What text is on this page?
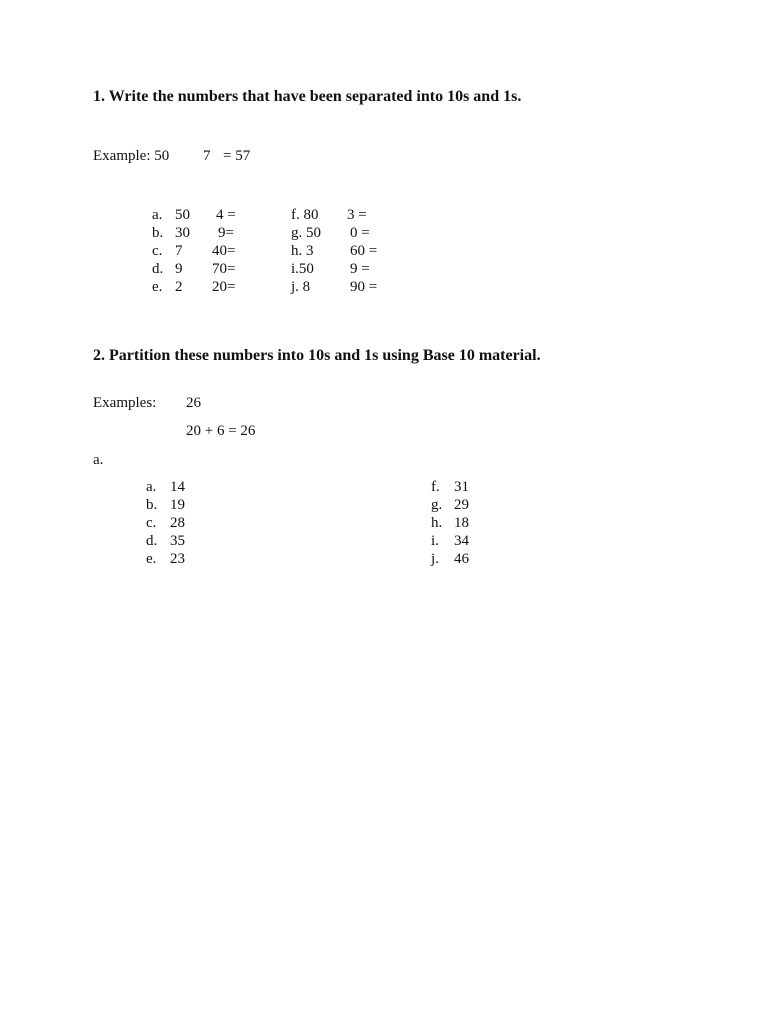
1. Write the numbers that have been separated into 10s and 1s.
Example: 50 7 = 57
a. 50 4 =
b. 30 9=
c. 7 40=
d. 9 70=
e. 2 20=
f. 80 3 =
g. 50 0 =
h. 3 60 =
i.50 9 =
j. 8	90 =
2. Partition these numbers into 10s and 1s using Base 10 material.
Examples: 26
20 + 6 = 26
a.
a. 14
b. 19
c. 28
d. 35
e. 23
f. 31
g. 29
h. 18
i. 34
j. 46
